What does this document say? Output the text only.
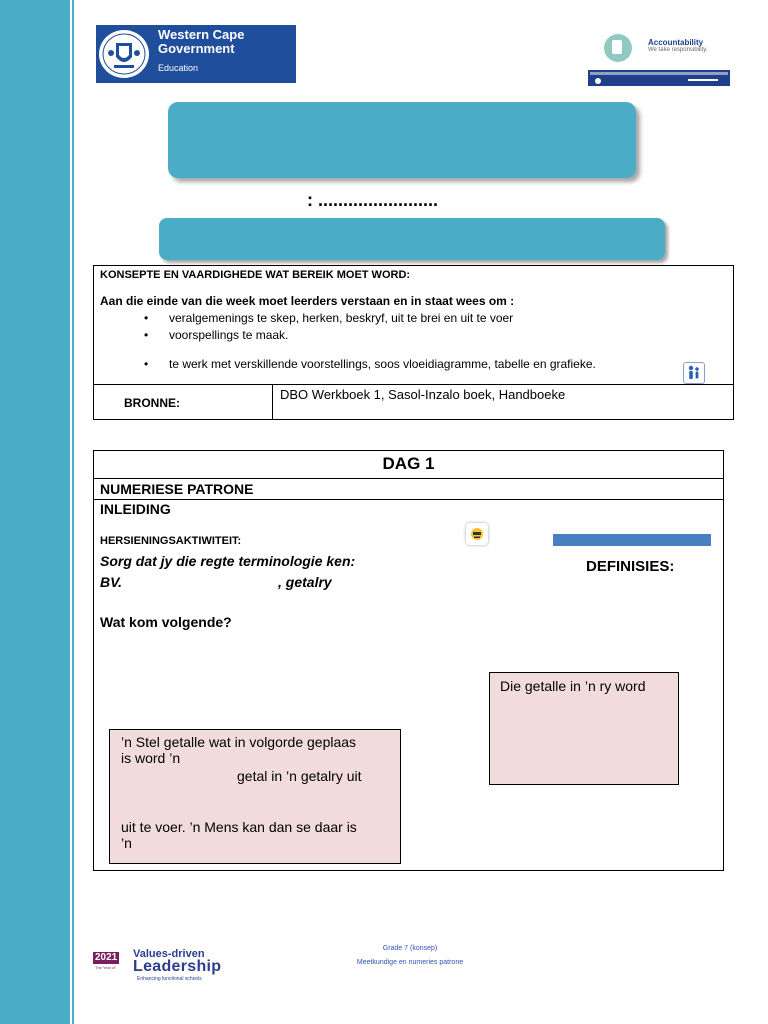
Western Cape
Government
Education
Accountability
We take responsibility.
: ........................
KONSEPTE EN VAARDIGHEDE WAT BEREIK MOET WORD:
Aan die einde van die week moet leerders verstaan en in staat wees om :
• veralgemenings te skep, herken, beskryf, uit te brei en uit te voer
• voorspellings te maak.
• te werk met verskillende voorstellings, soos vloeidiagramme, tabelle en grafieke.
BRONNE:
DBO Werkboek 1, Sasol-Inzalo boek, Handboeke
DAG 1
NUMERIESE PATRONE
INLEIDING
HERSIENINGSAKTIWITEIT:
Sorg dat jy die regte terminologie ken:	DEFINISIES:
BV.	, getalry
Wat kom volgende?
Die getalle in ’n ry word
’n Stel getalle wat in volgorde geplaas
is word ’n
getal in ’n getalry uit
uit te voer. ’n Mens kan dan se daar is
’n
2021
The Year of
Values-driven
Leadership
Enhancing functional schools
Grade 7 (konsep)
Meetkundige en numeries patrone
